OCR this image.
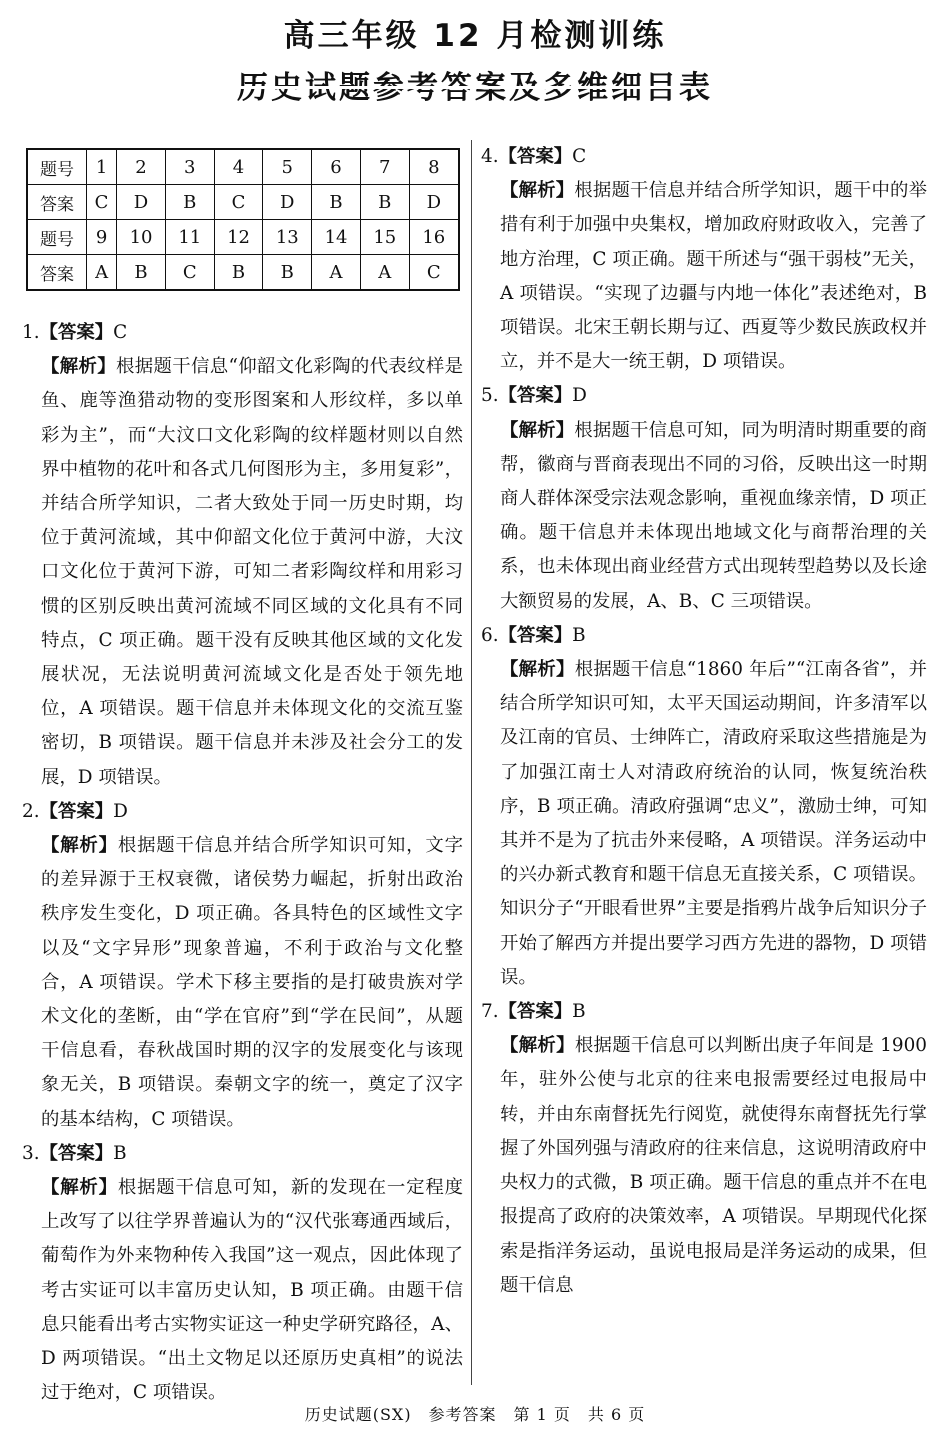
高三年级 12 月检测训练
历史试题参考答案及多维细目表
题号	1	2	3	4	5	6	7	8
答案	C	D	B	C	D	B	B	D
题号	9	10	11	12	13	14	15	16
答案	A	B	C	B	B	A	A	C
1.【答案】C
【解析】根据题干信息“仰韶文化彩陶的代表纹样是鱼、鹿等渔猎动物的变形图案和人形纹样，多以单彩为主”，而“大汶口文化彩陶的纹样题材则以自然界中植物的花叶和各式几何图形为主，多用复彩”，并结合所学知识，二者大致处于同一历史时期，均位于黄河流域，其中仰韶文化位于黄河中游，大汶口文化位于黄河下游，可知二者彩陶纹样和用彩习惯的区别反映出黄河流域不同区域的文化具有不同特点，C 项正确。题干没有反映其他区域的文化发展状况，无法说明黄河流域文化是否处于领先地位，A 项错误。题干信息并未体现文化的交流互鉴密切，B 项错误。题干信息并未涉及社会分工的发展，D 项错误。
2.【答案】D
【解析】根据题干信息并结合所学知识可知，文字的差异源于王权衰微，诸侯势力崛起，折射出政治秩序发生变化，D 项正确。各具特色的区域性文字以及“文字异形”现象普遍，不利于政治与文化整合，A 项错误。学术下移主要指的是打破贵族对学术文化的垄断，由“学在官府”到“学在民间”，从题干信息看，春秋战国时期的汉字的发展变化与该现象无关，B 项错误。秦朝文字的统一，奠定了汉字的基本结构，C 项错误。
3.【答案】B
【解析】根据题干信息可知，新的发现在一定程度上改写了以往学界普遍认为的“汉代张骞通西域后，葡萄作为外来物种传入我国”这一观点，因此体现了考古实证可以丰富历史认知，B 项正确。由题干信息只能看出考古实物实证这一种史学研究路径，A、D 两项错误。“出土文物足以还原历史真相”的说法过于绝对，C 项错误。
4.【答案】C
【解析】根据题干信息并结合所学知识，题干中的举措有利于加强中央集权，增加政府财政收入，完善了地方治理，C 项正确。题干所述与“强干弱枝”无关，A 项错误。“实现了边疆与内地一体化”表述绝对，B 项错误。北宋王朝长期与辽、西夏等少数民族政权并立，并不是大一统王朝，D 项错误。
5.【答案】D
【解析】根据题干信息可知，同为明清时期重要的商帮，徽商与晋商表现出不同的习俗，反映出这一时期商人群体深受宗法观念影响，重视血缘亲情，D 项正确。题干信息并未体现出地域文化与商帮治理的关系，也未体现出商业经营方式出现转型趋势以及长途大额贸易的发展，A、B、C 三项错误。
6.【答案】B
【解析】根据题干信息“1860 年后”“江南各省”，并结合所学知识可知，太平天国运动期间，许多清军以及江南的官员、士绅阵亡，清政府采取这些措施是为了加强江南士人对清政府统治的认同，恢复统治秩序，B 项正确。清政府强调“忠义”，激励士绅，可知其并不是为了抗击外来侵略，A 项错误。洋务运动中的兴办新式教育和题干信息无直接关系，C 项错误。知识分子“开眼看世界”主要是指鸦片战争后知识分子开始了解西方并提出要学习西方先进的器物，D 项错误。
7.【答案】B
【解析】根据题干信息可以判断出庚子年间是 1900 年，驻外公使与北京的往来电报需要经过电报局中转，并由东南督抚先行阅览，就使得东南督抚先行掌握了外国列强与清政府的往来信息，这说明清政府中央权力的式微，B 项正确。题干信息的重点并不在电报提高了政府的决策效率，A 项错误。早期现代化探索是指洋务运动，虽说电报局是洋务运动的成果，但题干信息
历史试题(SX)　参考答案　第 1 页　共 6 页
